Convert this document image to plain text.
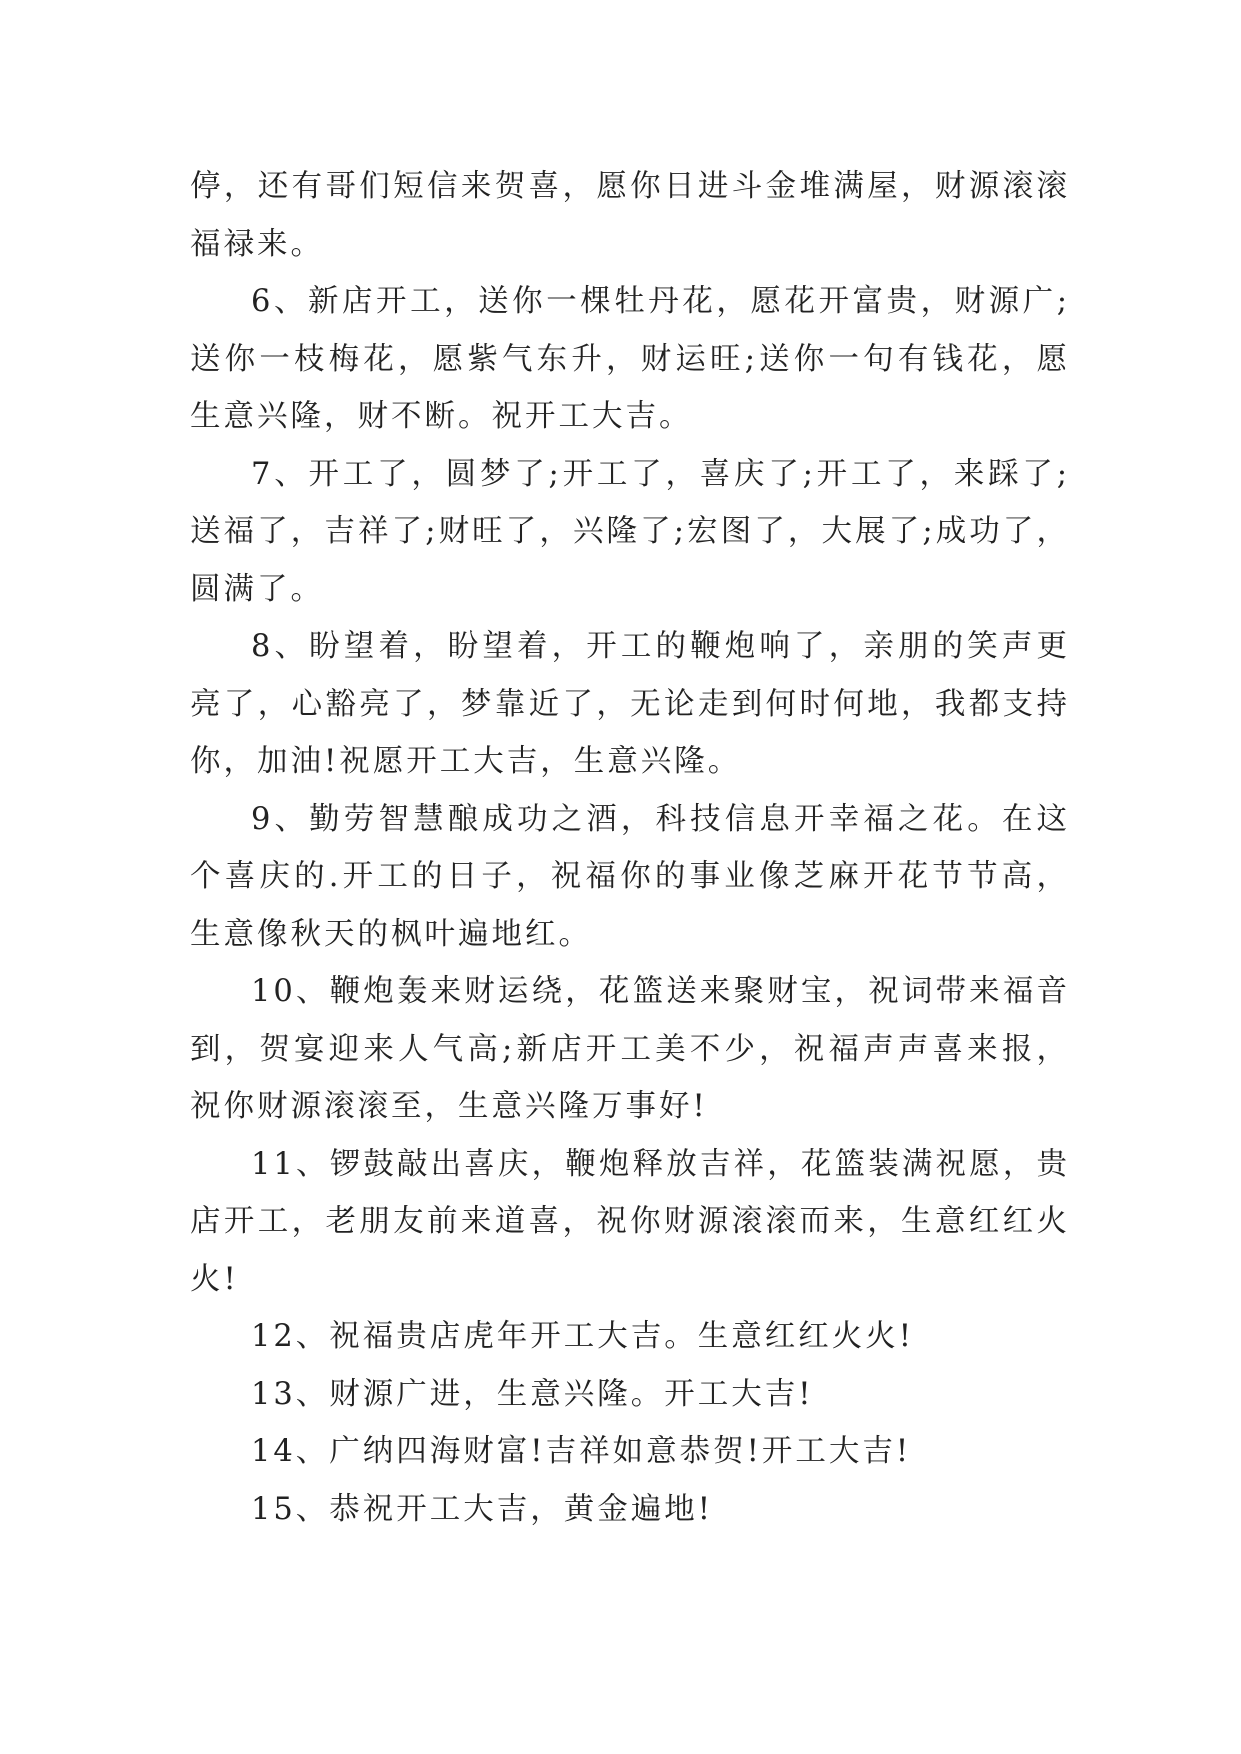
停，还有哥们短信来贺喜，愿你日进斗金堆满屋，财源滚滚福禄来。

6、新店开工，送你一棵牡丹花，愿花开富贵，财源广;送你一枝梅花，愿紫气东升，财运旺;送你一句有钱花，愿生意兴隆，财不断。祝开工大吉。

7、开工了，圆梦了;开工了，喜庆了;开工了，来踩了;送福了，吉祥了;财旺了，兴隆了;宏图了，大展了;成功了，圆满了。

8、盼望着，盼望着，开工的鞭炮响了，亲朋的笑声更亮了，心豁亮了，梦靠近了，无论走到何时何地，我都支持你，加油!祝愿开工大吉，生意兴隆。

9、勤劳智慧酿成功之酒，科技信息开幸福之花。在这个喜庆的.开工的日子，祝福你的事业像芝麻开花节节高，生意像秋天的枫叶遍地红。

10、鞭炮轰来财运绕，花篮送来聚财宝，祝词带来福音到，贺宴迎来人气高;新店开工美不少，祝福声声喜来报，祝你财源滚滚至，生意兴隆万事好!

11、锣鼓敲出喜庆，鞭炮释放吉祥，花篮装满祝愿，贵店开工，老朋友前来道喜，祝你财源滚滚而来，生意红红火火!

12、祝福贵店虎年开工大吉。生意红红火火!

13、财源广进，生意兴隆。开工大吉!

14、广纳四海财富!吉祥如意恭贺!开工大吉!

15、恭祝开工大吉，黄金遍地!
